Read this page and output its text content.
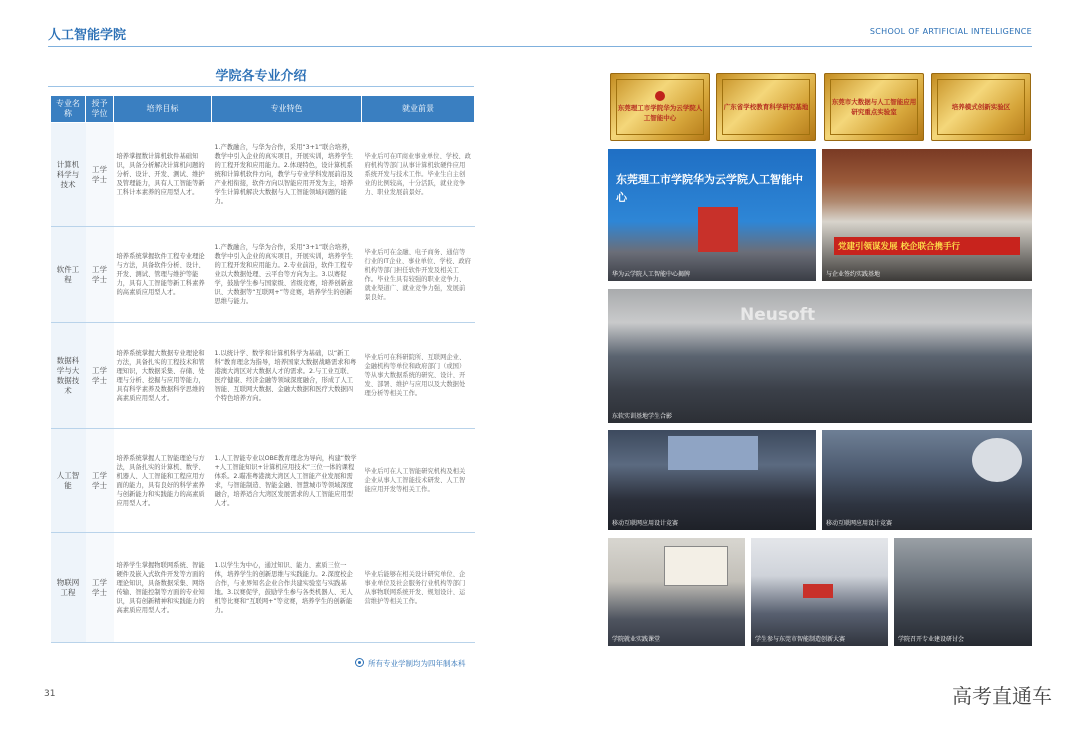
人工智能学院	SCHOOL OF ARTIFICIAL INTELLIGENCE
学院各专业介绍
专业名称	授予学位	培养目标	专业特色	就业前景
计算机科学与技术	工学学士	培养掌握数计算机软件基础知识，具备分析解决计算机问题的分析、设计、开发、测试、维护及管理能力，具有人工智能等新工科计本素养的应用型人才。	1.产教融合，与华为合作，采用“3+1”联合培养，教学中引入企业的真实项目，开展实训，培养学生的工程开发和应用能力。2.体现特色，设计算机系统和计算机软件方向，教学与专业学科发展前沿及产业相衔接，软件方向以智能应用开发为主，培养学生计算机解决大数据与人工智能领域问题的能力。	毕业后可在IT商业事业单位、学校、政府机构等部门从事计算机软硬件应用系统开发与技术工作。毕业生自主创业的比例较高，十分活跃，就业竞争力、职业发展前景好。
软件工程	工学学士	培养系统掌握软件工程专业理论与方法，具备软件分析、设计、开发、测试、管理与维护等能力，具有人工智能等新工科素养的高素质应用型人才。	1.产教融合，与华为合作，采用“3+1”联合培养，教学中引入企业的真实项目，开展实训，培养学生的工程开发和应用能力。2.专业前沿，软件工程专业以大数据处理、云平台等方向为主。3.以赛促学，鼓励学生参与国家级、省级竞赛，培养创新意识、大数据等“互联网+”等竞赛，培养学生的创新思维与能力。	毕业后可在金融、电子商务、通信等行业的IT企业、事业单位、学校、政府机构等部门担任软件开发及相关工作。毕业生具有较强的职业竞争力、就业渠道广、就业竞争力强，发展前景良好。
数据科学与大数据技术	工学学士	培养系统掌握大数据专业理论和方法，具备扎实的工程技术和管理知识，大数据采集、存储、处理与分析、挖掘与应用等能力，具有科学素养及数据科学思维的高素质应用型人才。	1.以统计学、数学和计算机科学为基础，以“新工科”教育理念为指导，培养国家大数据战略需求和粤港澳大湾区对大数据人才的需求。2.与工业互联、医疗健康、经济金融等领域深度融合，形成了人工智能、互联网大数据、金融大数据和医疗大数据四个特色培养方向。	毕业后可在科研院所、互联网企业、金融机构等单位和政府部门（或国）等从事大数据系统的研究、设计、开发、部署、维护与应用以及大数据处理分析等相关工作。
人工智能	工学学士	培养系统掌握人工智能理论与方法，具备扎实的计算机、数学、机器人、人工智能和工程应用方面的能力，具有良好的科学素养与创新能力和实践能力的高素质应用型人才。	1.人工智能专业以OBE教育理念为导向，构建“数学+人工智能知识+计算机应用技术”三位一体的课程体系。2.瞄准粤港澳大湾区人工智能产业发展和需求，与智能制造、智能金融、智慧城市等领域深度融合，培养适合大湾区发展需求的人工智能应用型人才。	毕业后可在人工智能研究机构及相关企业从事人工智能技术研发、人工智能应用开发等相关工作。
物联网工程	工学学士	培养学生掌握物联网系统、智能硬件及嵌入式软件开发等方面的理论知识，具备数据采集、网络传输、智能控制等方面的专业知识，具有创新精神和实践能力的高素质应用型人才。	1.以学生为中心，通过知识、能力、素质三位一体，培养学生的创新思维与实践能力。2.深度校企合作，与业界知名企业合作共建实验室与实践基地。3.以赛促学，鼓励学生参与各类机器人、无人机等比赛和“互联网+”等竞赛，培养学生的创新能力。	毕业后能够在相关设计研究单位、企事业单位及社会服务行业机构等部门从事物联网系统开发、规划设计、运营维护等相关工作。
所有专业学制均为四年制本科
东莞理工市学院华为云学院人工智能中心
广东省学校教育科学研究基地
东莞市大数据与人工智能应用研究重点实验室
培养模式创新实验区
东莞理工市学院华为云学院人工智能中心
华为云学院人工智能中心揭牌
党建引领谋发展 校企联合携手行
与企业签约实践基地
Neusoft
东软实训基地学生合影
移动互联网应用设计竞赛	移动互联网应用设计竞赛
学院就业实践课堂	学生参与东莞市智能制造创新大赛	学院召开专业建设研讨会
31	高考直通车
